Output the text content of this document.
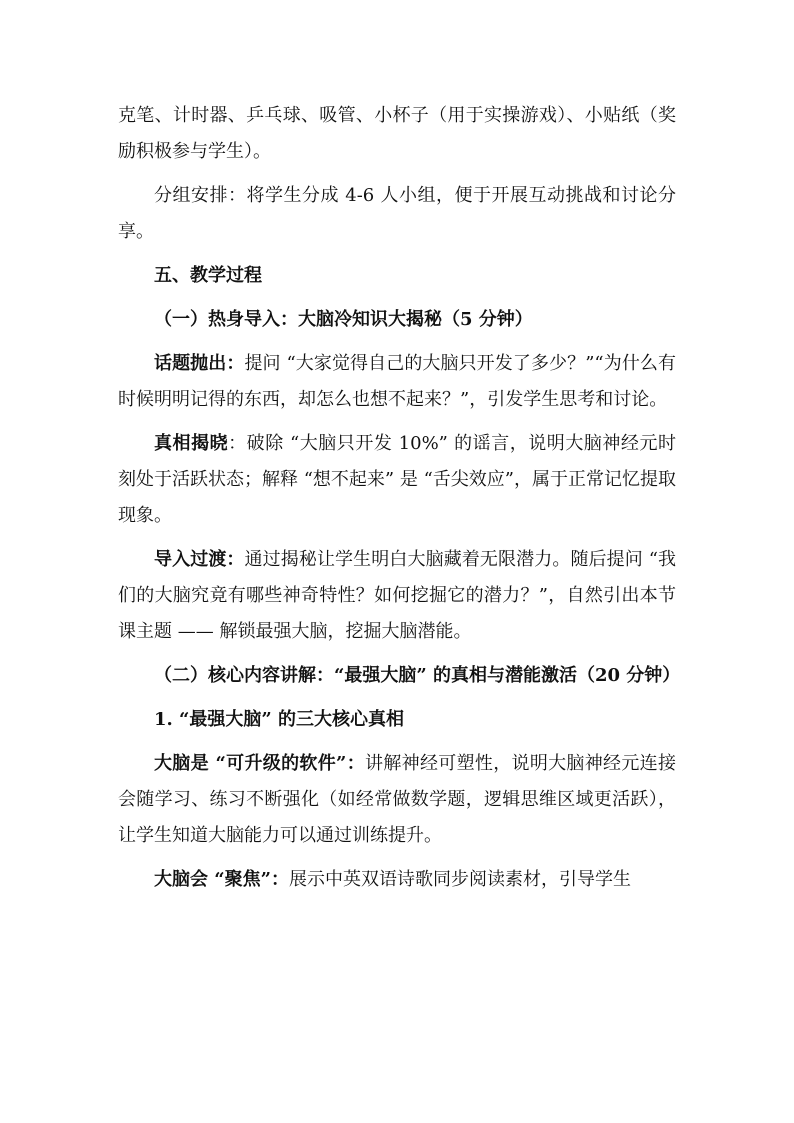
克笔、计时器、乒乓球、吸管、小杯子（用于实操游戏）、小贴纸（奖励积极参与学生）。

分组安排：将学生分成 4-6 人小组，便于开展互动挑战和讨论分享。

五、教学过程

（一）热身导入：大脑冷知识大揭秘（5 分钟）

话题抛出：提问 “大家觉得自己的大脑只开发了多少？”“为什么有时候明明记得的东西，却怎么也想不起来？”，引发学生思考和讨论。

真相揭晓：破除 “大脑只开发 10%” 的谣言，说明大脑神经元时刻处于活跃状态；解释 “想不起来” 是 “舌尖效应”，属于正常记忆提取现象。

导入过渡：通过揭秘让学生明白大脑藏着无限潜力。随后提问 “我们的大脑究竟有哪些神奇特性？如何挖掘它的潜力？”，自然引出本节课主题 —— 解锁最强大脑，挖掘大脑潜能。

（二）核心内容讲解：“最强大脑” 的真相与潜能激活（20 分钟）

1. “最强大脑” 的三大核心真相

大脑是 “可升级的软件”：讲解神经可塑性，说明大脑神经元连接会随学习、练习不断强化（如经常做数学题，逻辑思维区域更活跃），让学生知道大脑能力可以通过训练提升。

大脑会 “聚焦”：展示中英双语诗歌同步阅读素材，引导学生
